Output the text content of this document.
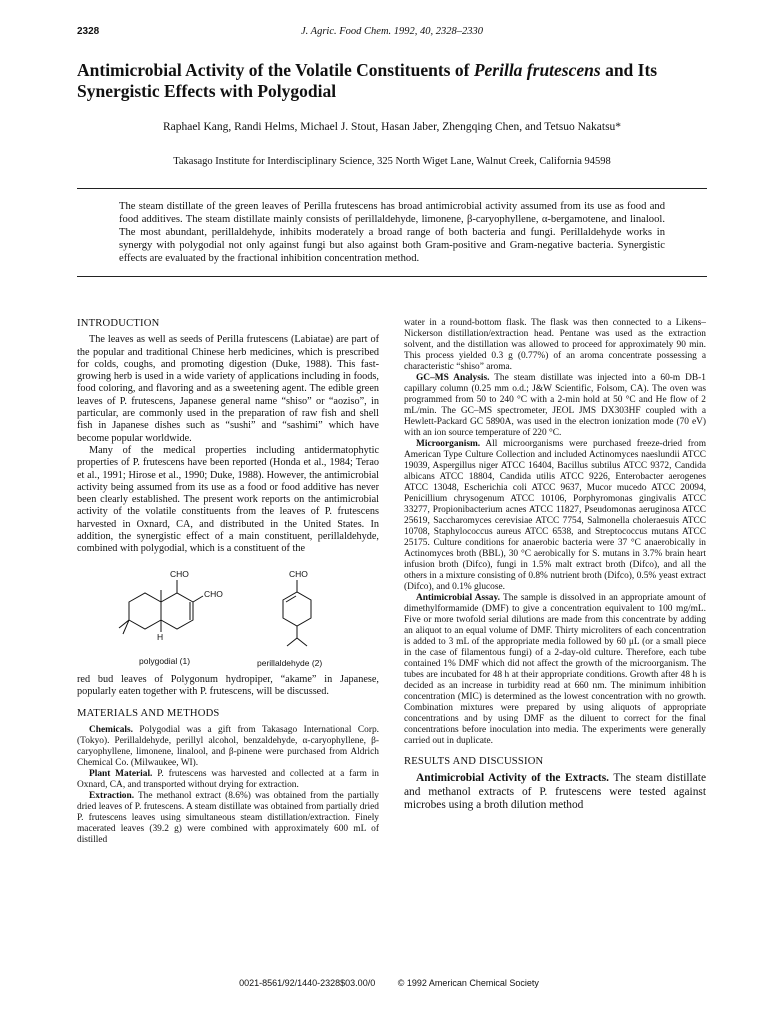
2328	J. Agric. Food Chem. 1992, 40, 2328–2330
Antimicrobial Activity of the Volatile Constituents of Perilla frutescens and Its Synergistic Effects with Polygodial
Raphael Kang, Randi Helms, Michael J. Stout, Hasan Jaber, Zhengqing Chen, and Tetsuo Nakatsu*
Takasago Institute for Interdisciplinary Science, 325 North Wiget Lane, Walnut Creek, California 94598
The steam distillate of the green leaves of Perilla frutescens has broad antimicrobial activity assumed from its use as food and food additives. The steam distillate mainly consists of perillaldehyde, limonene, β-caryophyllene, α-bergamotene, and linalool. The most abundant, perillaldehyde, inhibits moderately a broad range of both bacteria and fungi. Perillaldehyde works in synergy with polygodial not only against fungi but also against both Gram-positive and Gram-negative bacteria. Synergistic effects are evaluated by the fractional inhibition concentration method.
INTRODUCTION

The leaves as well as seeds of Perilla frutescens (Labiatae) are part of the popular and traditional Chinese herb medicines, which is prescribed for colds, coughs, and promoting digestion (Duke, 1988). This fast-growing herb is used in a wide variety of applications including in foods, food coloring, and flavoring and as a sweetening agent. The edible green leaves of P. frutescens, Japanese general name “shiso” or “aoziso”, in particular, are commonly used in the preparation of raw fish and shell fish in Japanese dishes such as “sushi” and “sashimi” which have become popular worldwide.

Many of the medical properties including antidermatophytic properties of P. frutescens have been reported (Honda et al., 1984; Terao et al., 1991; Hirose et al., 1990; Duke, 1988). However, the antimicrobial activity being assumed from its use as a food or food additive has never been clearly established. The present work reports on the antimicrobial activity of the volatile constituents from the leaves of P. frutescens harvested in Oxnard, CA, and distributed in the United States. In addition, the synergistic effect of a main constituent, perillaldehyde, combined with polygodial, which is a constituent of the

CHO
CHO
H
CHO
polygodial (1)	perillaldehyde (2)

red bud leaves of Polygonum hydropiper, “akame” in Japanese, popularly eaten together with P. frutescens, will be discussed.

MATERIALS AND METHODS

Chemicals. Polygodial was a gift from Takasago International Corp. (Tokyo). Perillaldehyde, perillyl alcohol, benzaldehyde, α-caryophyllene, β-caryophyllene, limonene, linalool, and β-pinene were purchased from Aldrich Chemical Co. (Milwaukee, WI).

Plant Material. P. frutescens was harvested and collected at a farm in Oxnard, CA, and transported without drying for extraction.

Extraction. The methanol extract (8.6%) was obtained from the partially dried leaves of P. frutescens. A steam distillate was obtained from partially dried P. frutescens leaves using simultaneous steam distillation/extraction. Finely macerated leaves (39.2 g) were combined with approximately 600 mL of distilled

water in a round-bottom flask. The flask was then connected to a Likens–Nickerson distillation/extraction head. Pentane was used as the extraction solvent, and the distillation was allowed to proceed for approximately 90 min. This process yielded 0.3 g (0.77%) of an aroma concentrate possessing a characteristic “shiso” aroma.

GC–MS Analysis. The steam distillate was injected into a 60-m DB-1 capillary column (0.25 mm o.d.; J&W Scientific, Folsom, CA). The oven was programmed from 50 to 240 °C with a 2-min hold at 50 °C and He flow of 2 mL/min. The GC–MS spectrometer, JEOL JMS DX303HF coupled with a Hewlett-Packard GC 5890A, was used in the electron ionization mode (70 eV) with an ion source temperature of 220 °C.

Microorganism. All microorganisms were purchased freeze-dried from American Type Culture Collection and included Actinomyces naeslundii ATCC 19039, Aspergillus niger ATCC 16404, Bacillus subtilus ATCC 9372, Candida albicans ATCC 18804, Candida utilis ATCC 9226, Enterobacter aerogenes ATCC 13048, Escherichia coli ATCC 9637, Mucor mucedo ATCC 20094, Penicillium chrysogenum ATCC 10106, Porphyromonas gingivalis ATCC 33277, Propionibacterium acnes ATCC 11827, Pseudomonas aeruginosa ATCC 25619, Saccharomyces cerevisiae ATCC 7754, Salmonella choleraesuis ATCC 10708, Staphylococcus aureus ATCC 6538, and Streptococcus mutans ATCC 25175. Culture conditions for anaerobic bacteria were 37 °C anaerobically in Actinomyces broth (BBL), 30 °C aerobically for S. mutans in 3.7% brain heart infusion broth (Difco), fungi in 1.5% malt extract broth (Difco), and all the others in a mixture consisting of 0.8% nutrient broth (Difco), 0.5% yeast extract (Difco), and 0.1% glucose.

Antimicrobial Assay. The sample is dissolved in an appropriate amount of dimethylformamide (DMF) to give a concentration equivalent to 100 mg/mL. Five or more twofold serial dilutions are made from this concentrate by adding an aliquot to an equal volume of DMF. Thirty microliters of each concentration is added to 3 mL of the appropriate media followed by 60 μL (or a small piece in the case of filamentous fungi) of a 2-day-old culture. Therefore, each tube contained 1% DMF which did not affect the growth of the microorganism. The tubes are incubated for 48 h at their appropriate conditions. Growth after 48 h is decided as an increase in turbidity read at 660 nm. The minimum inhibition concentration (MIC) is determined as the lowest concentration with no growth. Combination mixtures were prepared by using aliquots of appropriate concentrations and by using DMF as the diluent to correct for the final concentrations before inoculation into media. The experiments were generally carried out in duplicate.

RESULTS AND DISCUSSION

Antimicrobial Activity of the Extracts. The steam distillate and methanol extracts of P. frutescens were tested against microbes using a broth dilution method

0021-8561/92/1440-2328$03.00/0	© 1992 American Chemical Society
